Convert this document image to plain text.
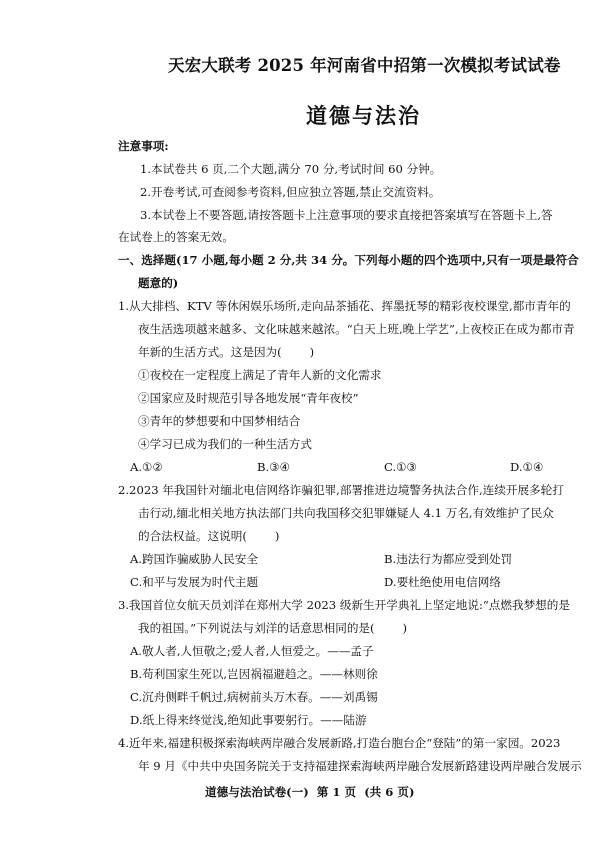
天宏大联考 2025 年河南省中招第一次模拟考试试卷
道德与法治
注意事项:
1.本试卷共 6 页,二个大题,满分 70 分,考试时间 60 分钟。
2.开卷考试,可查阅参考资料,但应独立答题,禁止交流资料。
3.本试卷上不要答题,请按答题卡上注意事项的要求直接把答案填写在答题卡上,答
在试卷上的答案无效。
一、选择题(17 小题,每小题 2 分,共 34 分。下列每小题的四个选项中,只有一项是最符合
题意的)
1.从大排档、KTV 等休闲娱乐场所,走向品茶插花、挥墨抚琴的精彩夜校课堂,都市青年的
夜生活选项越来越多、文化味越来越浓。“白天上班,晚上学艺”,上夜校正在成为都市青
年新的生活方式。这是因为( )
①夜校在一定程度上满足了青年人新的文化需求
②国家应及时规范引导各地发展“青年夜校”
③青年的梦想要和中国梦相结合
④学习已成为我们的一种生活方式
A.①②	B.③④	C.①③	D.①④
2.2023 年我国针对缅北电信网络诈骗犯罪,部署推进边境警务执法合作,连续开展多轮打
击行动,缅北相关地方执法部门共向我国移交犯罪嫌疑人 4.1 万名,有效维护了民众
的合法权益。这说明( )
A.跨国诈骗威胁人民安全	B.违法行为都应受到处罚
C.和平与发展为时代主题	D.要杜绝使用电信网络
3.我国首位女航天员刘洋在郑州大学 2023 级新生开学典礼上坚定地说:“点燃我梦想的是
我的祖国。”下列说法与刘洋的话意思相同的是( )
A.敬人者,人恒敬之;爱人者,人恒爱之。——孟子
B.苟利国家生死以,岂因祸福避趋之。——林则徐
C.沉舟侧畔千帆过,病树前头万木春。——刘禹锡
D.纸上得来终觉浅,绝知此事要躬行。——陆游
4.近年来,福建积极探索海峡两岸融合发展新路,打造台胞台企“登陆”的第一家园。2023
年 9 月《中共中央国务院关于支持福建探索海峡两岸融合发展新路建设两岸融合发展示
道德与法治试卷(一)  第 1 页  (共 6 页)
